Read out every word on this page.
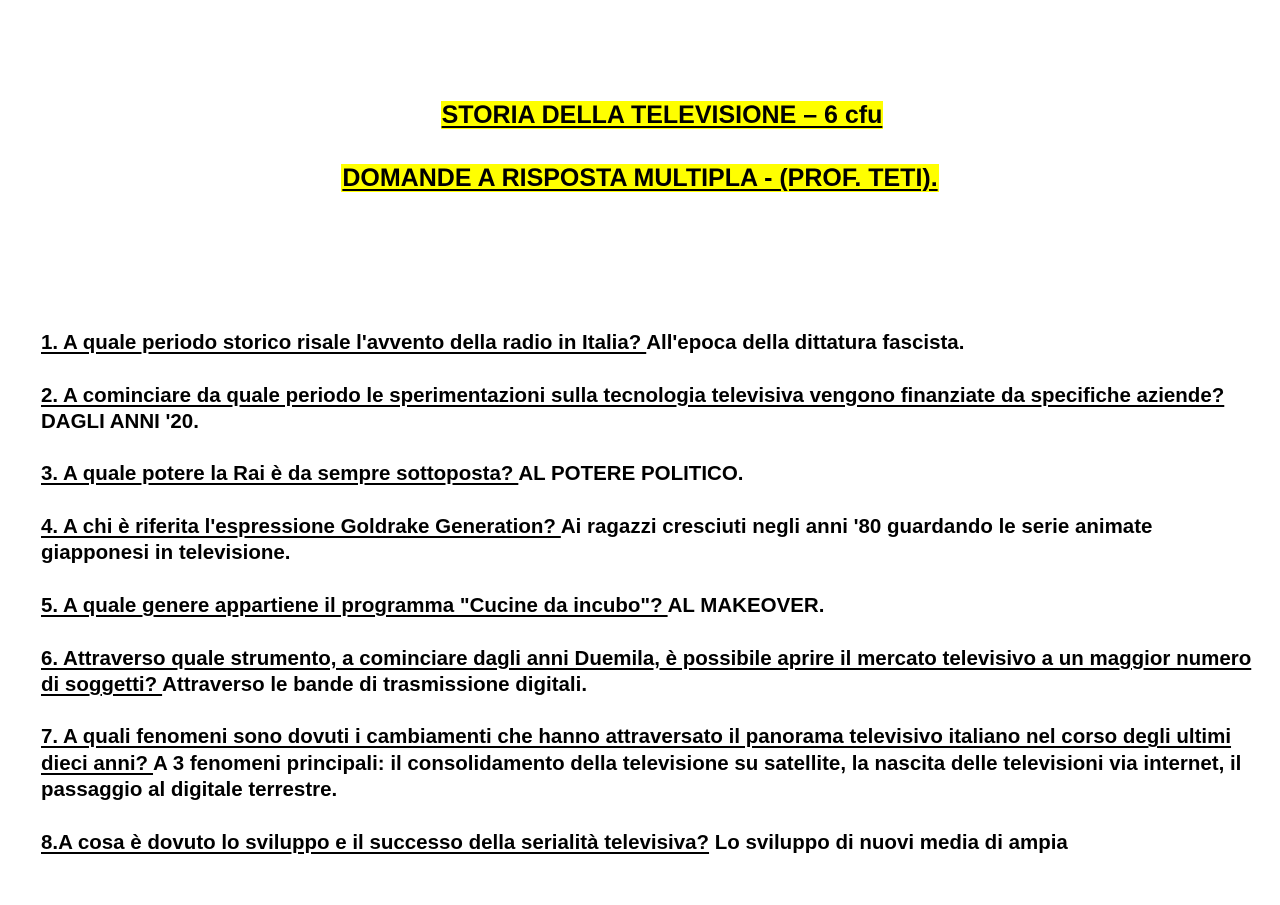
STORIA DELLA TELEVISIONE – 6 cfu

DOMANDE A RISPOSTA MULTIPLA - (PROF. TETI).

1. A quale periodo storico risale l'avvento della radio in Italia? All'epoca della dittatura fascista.

2. A cominciare da quale periodo le sperimentazioni sulla tecnologia televisiva vengono finanziate da specifiche aziende? DAGLI ANNI '20.

3. A quale potere la Rai è da sempre sottoposta? AL POTERE POLITICO.

4. A chi è riferita l'espressione Goldrake Generation? Ai ragazzi cresciuti negli anni '80 guardando le serie animate giapponesi in televisione.

5. A quale genere appartiene il programma "Cucine da incubo"? AL MAKEOVER.

6. Attraverso quale strumento, a cominciare dagli anni Duemila, è possibile aprire il mercato televisivo a un maggior numero di soggetti? Attraverso le bande di trasmissione digitali.

7. A quali fenomeni sono dovuti i cambiamenti che hanno attraversato il panorama televisivo italiano nel corso degli ultimi dieci anni? A 3 fenomeni principali: il consolidamento della televisione su satellite, la nascita delle televisioni via internet, il passaggio al digitale terrestre.

8.A cosa è dovuto lo sviluppo e il successo della serialità televisiva? Lo sviluppo di nuovi media di ampia
